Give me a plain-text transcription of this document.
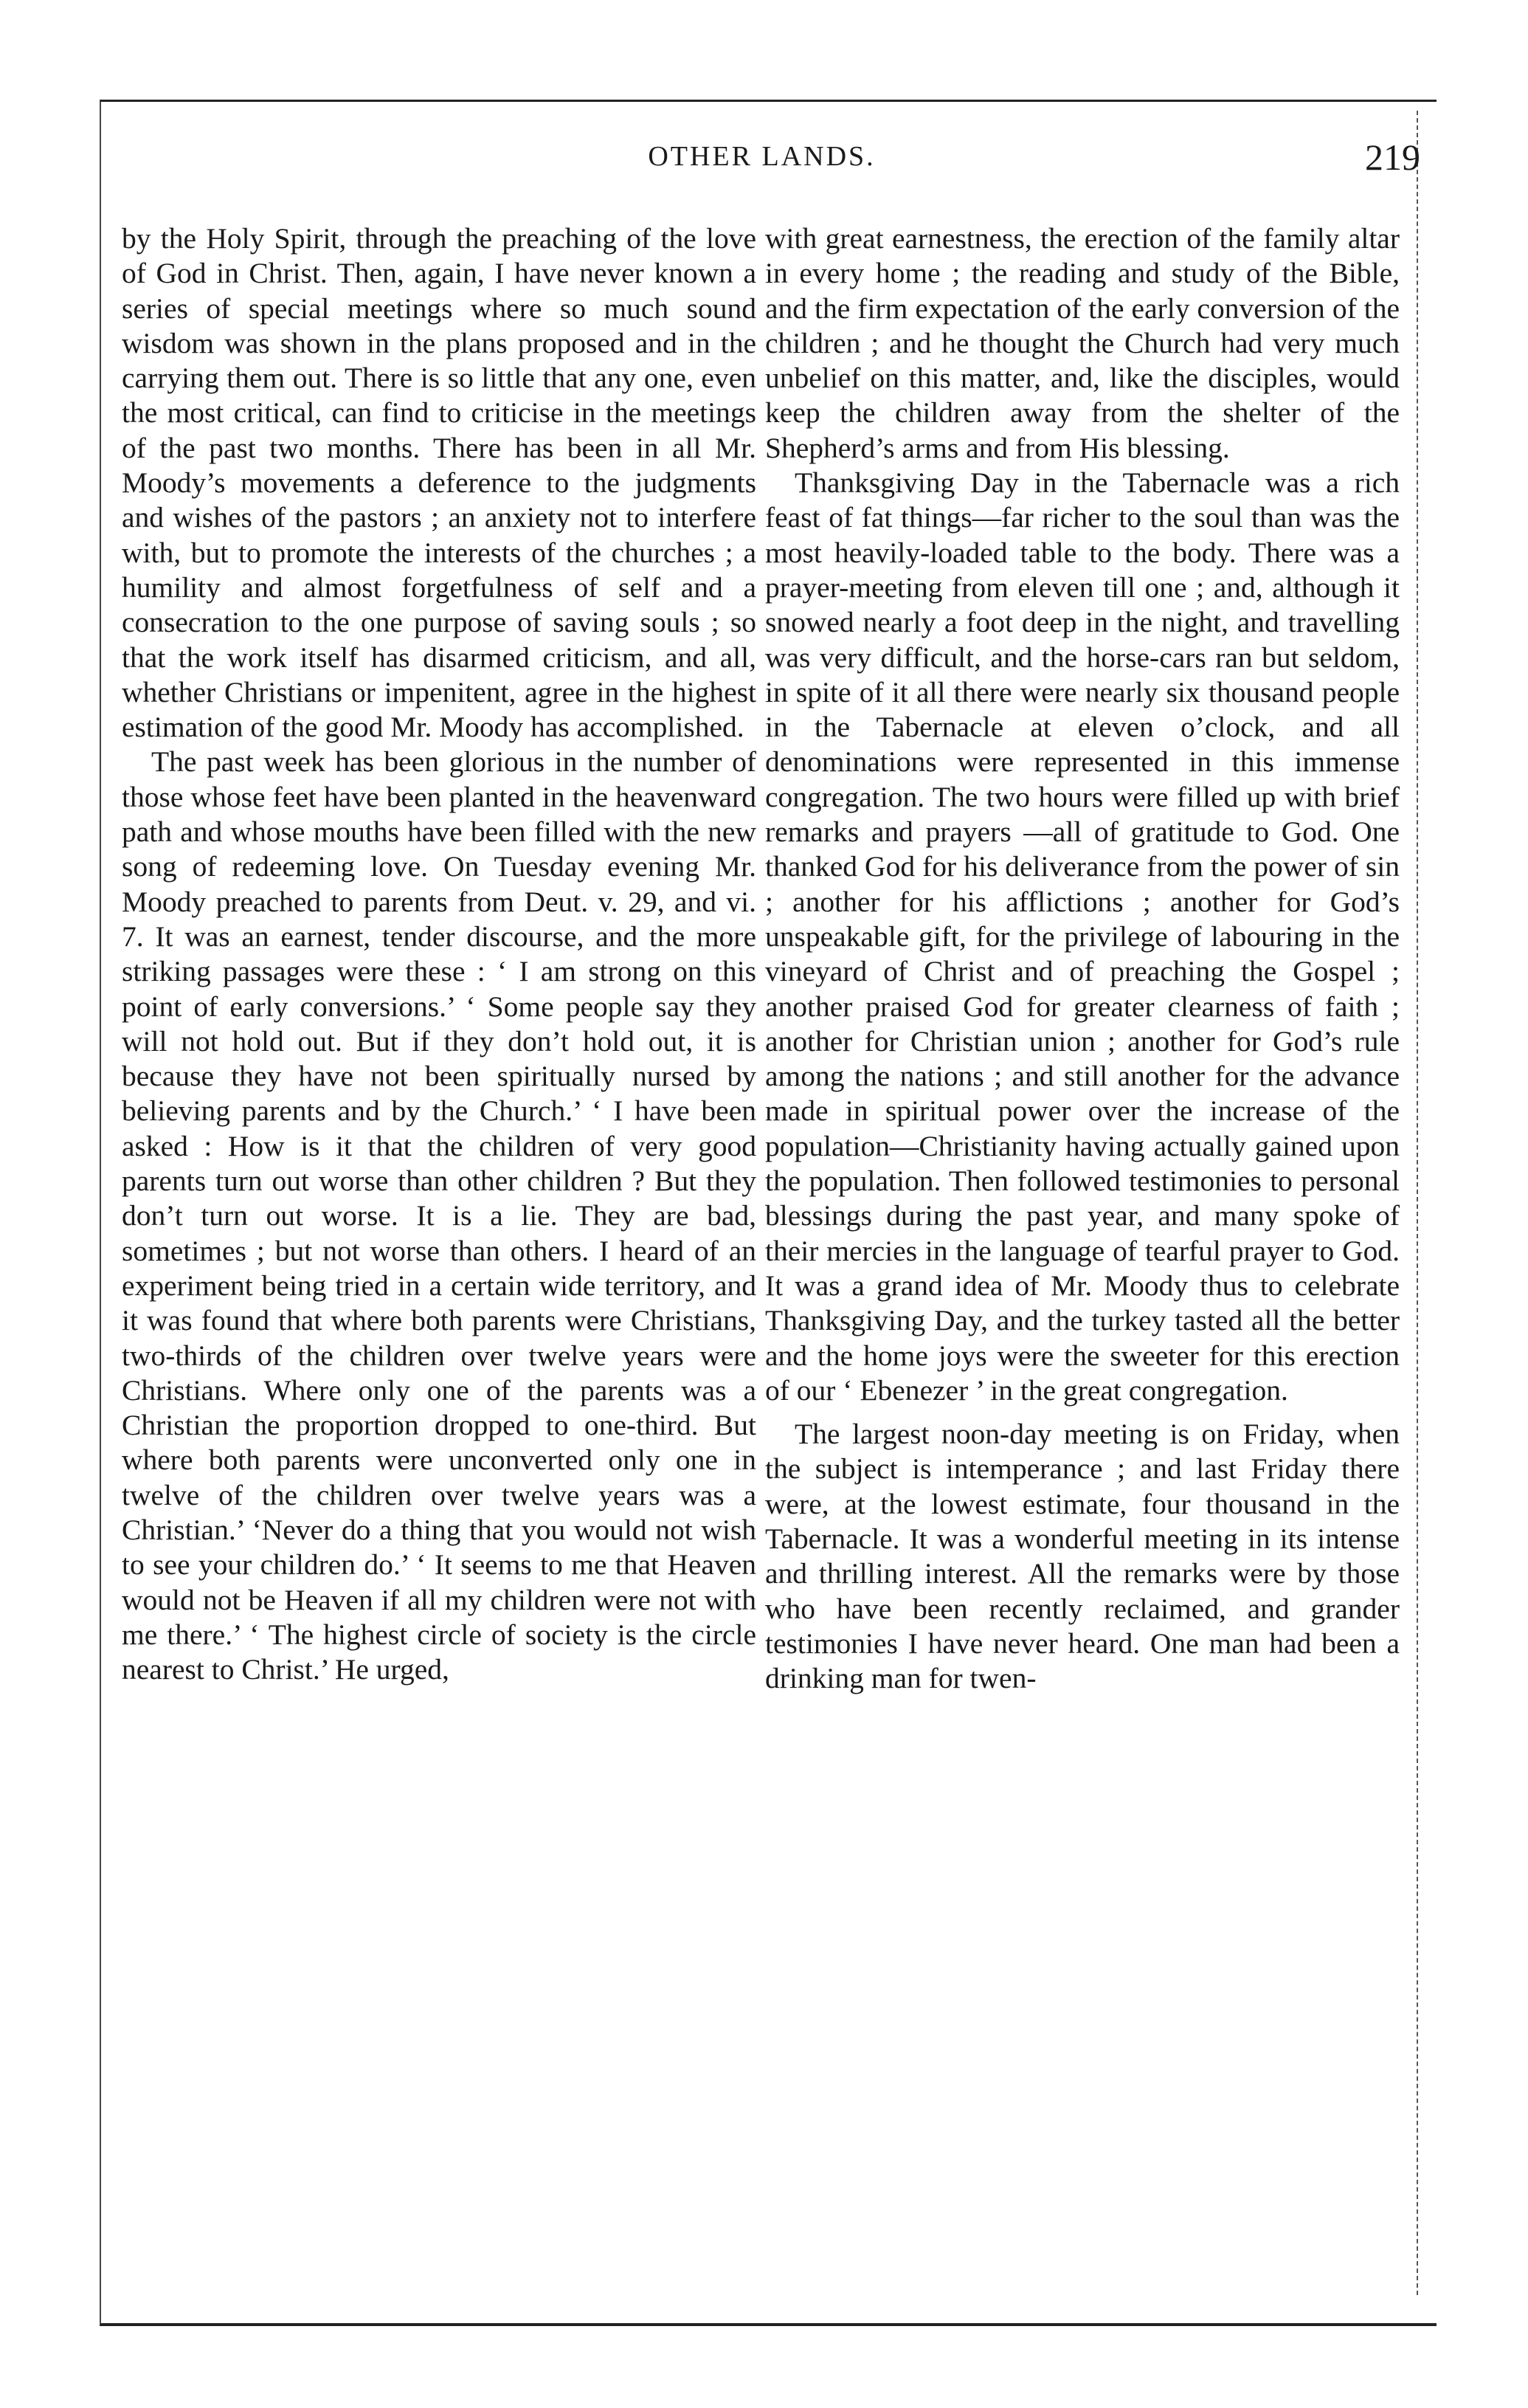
OTHER LANDS.	219

by the Holy Spirit, through the preaching of the love of God in Christ. Then, again, I have never known a series of special meetings where so much sound wisdom was shown in the plans proposed and in the carrying them out. There is so little that any one, even the most critical, can find to criticise in the meetings of the past two months. There has been in all Mr. Moody’s movements a deference to the judgments and wishes of the pastors ; an anxiety not to interfere with, but to promote the interests of the churches ; a humility and almost forgetfulness of self and a consecration to the one purpose of saving souls ; so that the work itself has disarmed criticism, and all, whether Christians or impenitent, agree in the highest estimation of the good Mr. Moody has accomplished.

The past week has been glorious in the number of those whose feet have been planted in the heavenward path and whose mouths have been filled with the new song of redeeming love. On Tuesday evening Mr. Moody preached to parents from Deut. v. 29, and vi. 7. It was an earnest, tender discourse, and the more striking passages were these : ‘ I am strong on this point of early conversions.’ ‘ Some people say they will not hold out. But if they don’t hold out, it is because they have not been spiritually nursed by believing parents and by the Church.’ ‘ I have been asked : How is it that the children of very good parents turn out worse than other children ? But they don’t turn out worse. It is a lie. They are bad, sometimes ; but not worse than others. I heard of an experiment being tried in a certain wide territory, and it was found that where both parents were Christians, two-thirds of the children over twelve years were Christians. Where only one of the parents was a Christian the proportion dropped to one-third. But where both parents were unconverted only one in twelve of the children over twelve years was a Christian.’ ‘Never do a thing that you would not wish to see your children do.’ ‘ It seems to me that Heaven would not be Heaven if all my children were not with me there.’ ‘ The highest circle of society is the circle nearest to Christ.’ He urged,

with great earnestness, the erection of the family altar in every home ; the reading and study of the Bible, and the firm expectation of the early conversion of the children ; and he thought the Church had very much unbelief on this matter, and, like the disciples, would keep the children away from the shelter of the Shepherd’s arms and from His blessing.

Thanksgiving Day in the Tabernacle was a rich feast of fat things—far richer to the soul than was the most heavily-loaded table to the body. There was a prayer-meeting from eleven till one ; and, although it snowed nearly a foot deep in the night, and travelling was very difficult, and the horse-cars ran but seldom, in spite of it all there were nearly six thousand people in the Tabernacle at eleven o’clock, and all denominations were represented in this immense congregation. The two hours were filled up with brief remarks and prayers —all of gratitude to God. One thanked God for his deliverance from the power of sin ; another for his afflictions ; another for God’s unspeakable gift, for the privilege of labouring in the vineyard of Christ and of preaching the Gospel ; another praised God for greater clearness of faith ; another for Christian union ; another for God’s rule among the nations ; and still another for the advance made in spiritual power over the increase of the population—Christianity having actually gained upon the population. Then followed testimonies to personal blessings during the past year, and many spoke of their mercies in the language of tearful prayer to God. It was a grand idea of Mr. Moody thus to celebrate Thanksgiving Day, and the turkey tasted all the better and the home joys were the sweeter for this erection of our ‘ Ebenezer ’ in the great congregation.

The largest noon-day meeting is on Friday, when the subject is intemperance ; and last Friday there were, at the lowest estimate, four thousand in the Tabernacle. It was a wonderful meeting in its intense and thrilling interest. All the remarks were by those who have been recently reclaimed, and grander testimonies I have never heard. One man had been a drinking man for twen-
